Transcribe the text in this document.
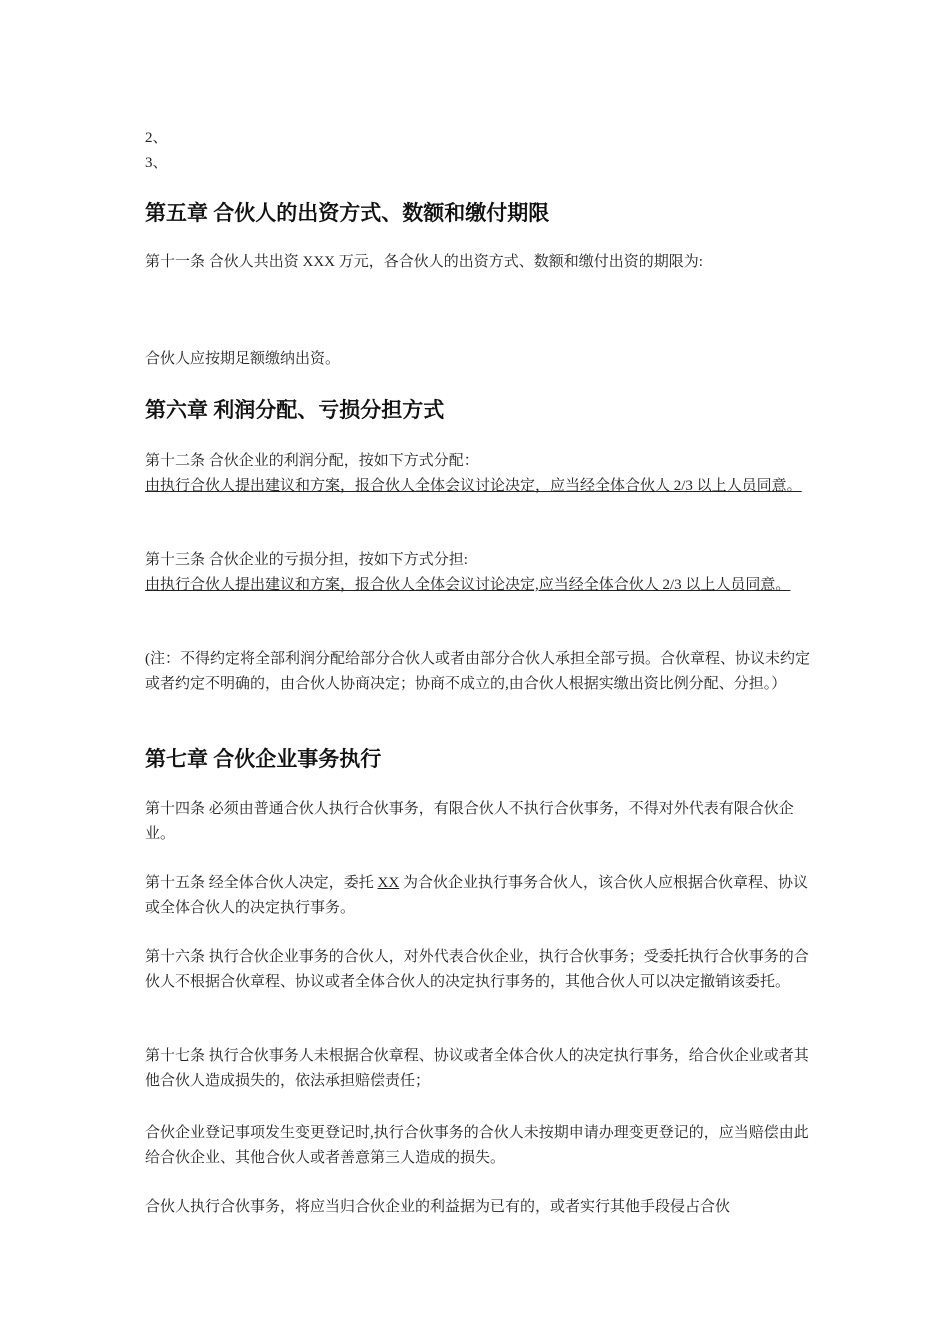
2、

3、

第五章 合伙人的出资方式、数额和缴付期限

第十一条 合伙人共出资 XXX 万元，各合伙人的出资方式、数额和缴付出资的期限为:

合伙人应按期足额缴纳出资。

第六章 利润分配、亏损分担方式

第十二条 合伙企业的利润分配，按如下方式分配：

由执行合伙人提出建议和方案，报合伙人全体会议讨论决定，应当经全体合伙人 2/3 以上人员同意。

第十三条 合伙企业的亏损分担，按如下方式分担:

由执行合伙人提出建议和方案，报合伙人全体会议讨论决定,应当经全体合伙人 2/3 以上人员同意。

(注：不得约定将全部利润分配给部分合伙人或者由部分合伙人承担全部亏损。合伙章程、协议未约定或者约定不明确的，由合伙人协商决定；协商不成立的,由合伙人根据实缴出资比例分配、分担。）

第七章 合伙企业事务执行

第十四条 必须由普通合伙人执行合伙事务，有限合伙人不执行合伙事务，不得对外代表有限合伙企业。

第十五条 经全体合伙人决定，委托 XX 为合伙企业执行事务合伙人，该合伙人应根据合伙章程、协议或全体合伙人的决定执行事务。

第十六条 执行合伙企业事务的合伙人，对外代表合伙企业，执行合伙事务；受委托执行合伙事务的合伙人不根据合伙章程、协议或者全体合伙人的决定执行事务的，其他合伙人可以决定撤销该委托。

第十七条 执行合伙事务人未根据合伙章程、协议或者全体合伙人的决定执行事务，给合伙企业或者其他合伙人造成损失的，依法承担赔偿责任；

合伙企业登记事项发生变更登记时,执行合伙事务的合伙人未按期申请办理变更登记的，应当赔偿由此给合伙企业、其他合伙人或者善意第三人造成的损失。

合伙人执行合伙事务，将应当归合伙企业的利益据为已有的，或者实行其他手段侵占合伙
